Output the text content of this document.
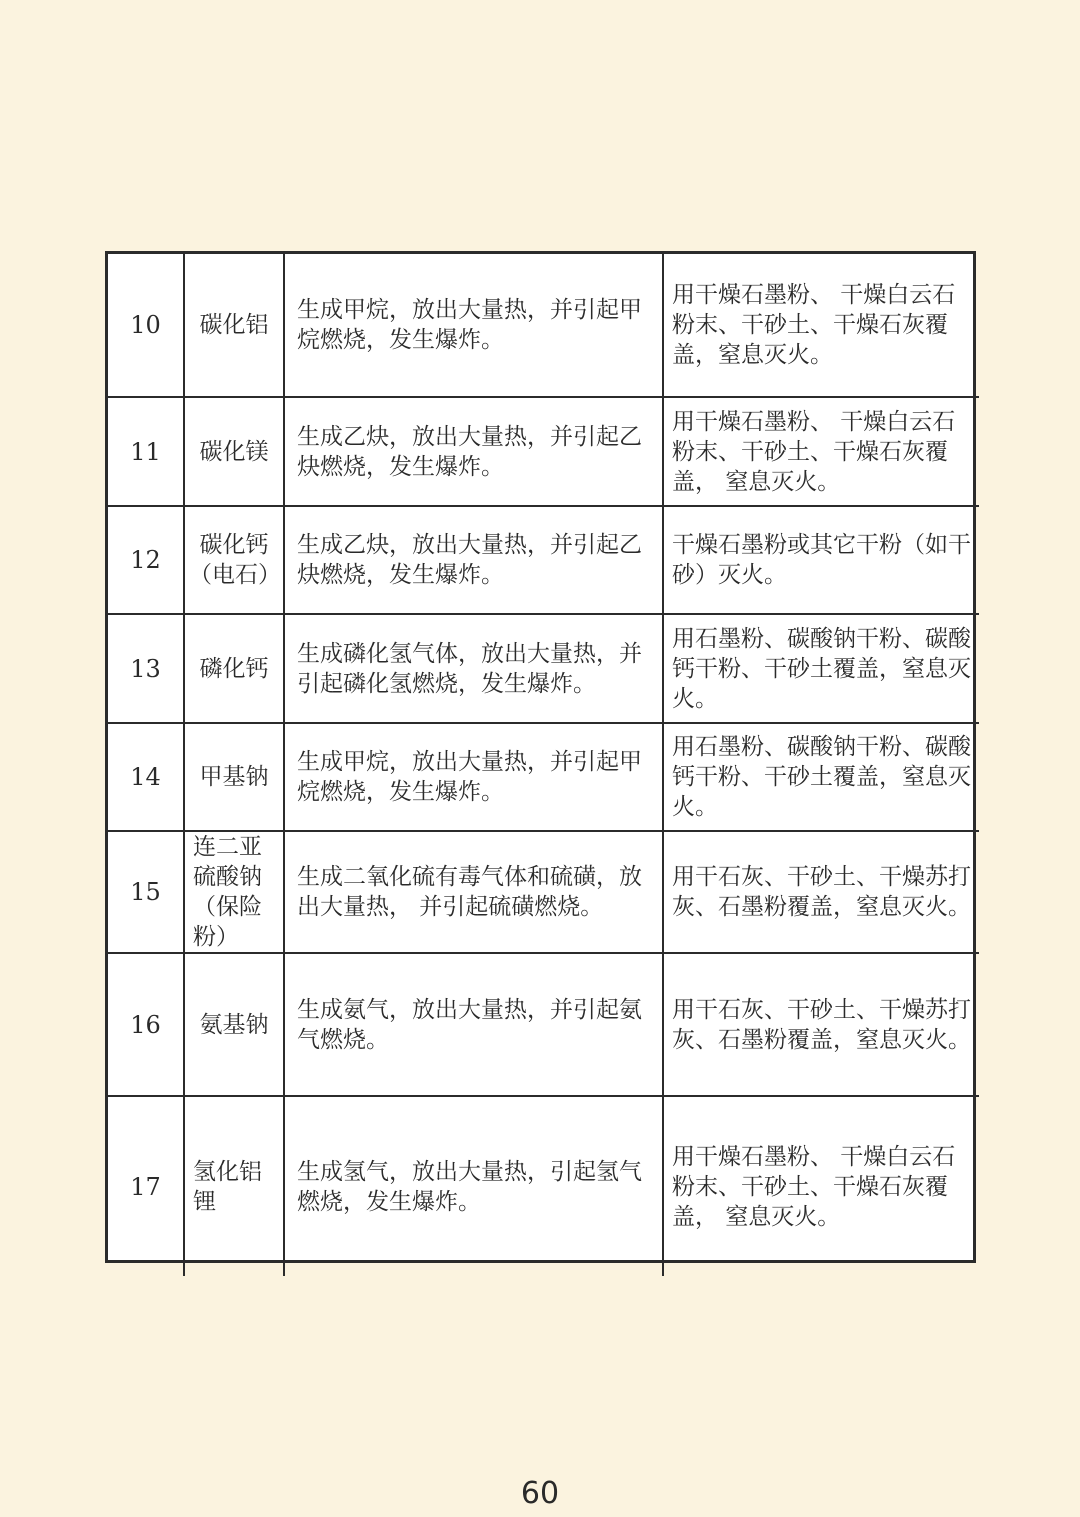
10	碳化铝	生成甲烷，放出大量热，并引起甲烷燃烧，发生爆炸。	用干燥石墨粉、 干燥白云石粉末、干砂土、干燥石灰覆盖，窒息灭火。
11	碳化镁	生成乙炔，放出大量热，并引起乙炔燃烧，发生爆炸。	用干燥石墨粉、 干燥白云石粉末、干砂土、干燥石灰覆盖， 窒息灭火。
12	碳化钙（电石）	生成乙炔，放出大量热，并引起乙炔燃烧，发生爆炸。	干燥石墨粉或其它干粉（如干砂）灭火。
13	磷化钙	生成磷化氢气体，放出大量热，并引起磷化氢燃烧，发生爆炸。	用石墨粉、碳酸钠干粉、碳酸钙干粉、干砂土覆盖，窒息灭火。
14	甲基钠	生成甲烷，放出大量热，并引起甲烷燃烧，发生爆炸。	用石墨粉、碳酸钠干粉、碳酸钙干粉、干砂土覆盖，窒息灭火。
15	连二亚硫酸钠（保险粉）	生成二氧化硫有毒气体和硫磺，放出大量热， 并引起硫磺燃烧。	用干石灰、干砂土、干燥苏打灰、石墨粉覆盖，窒息灭火。
16	氨基钠	生成氨气，放出大量热，并引起氨气燃烧。	用干石灰、干砂土、干燥苏打灰、石墨粉覆盖，窒息灭火。
17	氢化铝锂	生成氢气，放出大量热，引起氢气燃烧，发生爆炸。	用干燥石墨粉、 干燥白云石粉末、干砂土、干燥石灰覆盖， 窒息灭火。
60
